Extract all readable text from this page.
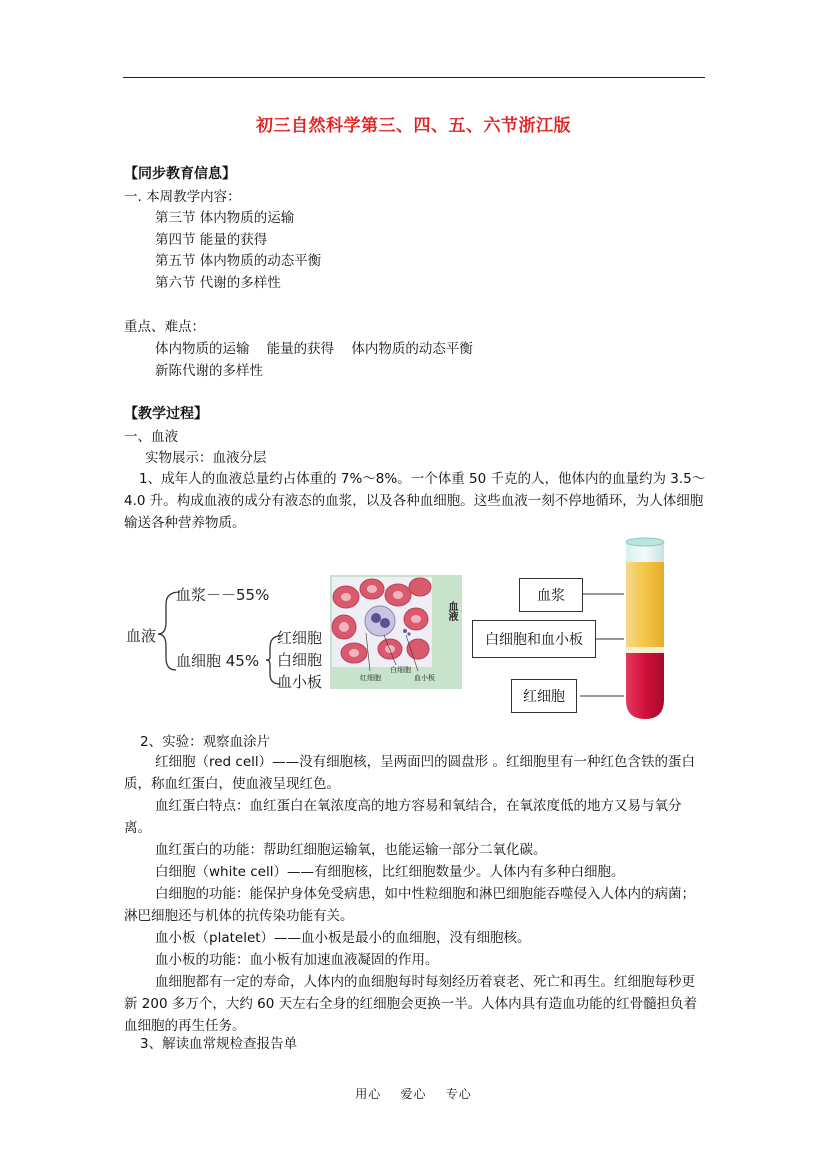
初三自然科学第三、四、五、六节浙江版
【同步教育信息】
一. 本周教学内容：
第三节 体内物质的运输
第四节 能量的获得
第五节 体内物质的动态平衡
第六节 代谢的多样性
重点、难点：
体内物质的运输    能量的获得    体内物质的动态平衡
新陈代谢的多样性
【教学过程】
一、血液
实物展示：血液分层
1、成年人的血液总量约占体重的 7%～8%。一个体重 50 千克的人，他体内的血量约为 3.5～4.0 升。构成血液的成分有液态的血浆，以及各种血细胞。这些血液一刻不停地循环，为人体细胞输送各种营养物质。
血液
血浆－－55%
血细胞 45%
红细胞
白细胞
血小板
血液
红细胞
白细胞
血小板
血浆
白细胞和血小板
红细胞
2、实验：观察血涂片
红细胞（red cell）——没有细胞核，呈两面凹的圆盘形 。红细胞里有一种红色含铁的蛋白质，称血红蛋白，使血液呈现红色。
血红蛋白特点：血红蛋白在氧浓度高的地方容易和氧结合，在氧浓度低的地方又易与氧分离。
血红蛋白的功能：帮助红细胞运输氧，也能运输一部分二氧化碳。
白细胞（white cell）——有细胞核，比红细胞数量少。人体内有多种白细胞。
白细胞的功能：能保护身体免受病患，如中性粒细胞和淋巴细胞能吞噬侵入人体内的病菌；淋巴细胞还与机体的抗传染功能有关。
血小板（platelet）——血小板是最小的血细胞，没有细胞核。
血小板的功能：血小板有加速血液凝固的作用。
血细胞都有一定的寿命，人体内的血细胞每时每刻经历着衰老、死亡和再生。红细胞每秒更新 200 多万个，大约 60 天左右全身的红细胞会更换一半。人体内具有造血功能的红骨髓担负着血细胞的再生任务。
3、解读血常规检查报告单
用心    爱心    专心
